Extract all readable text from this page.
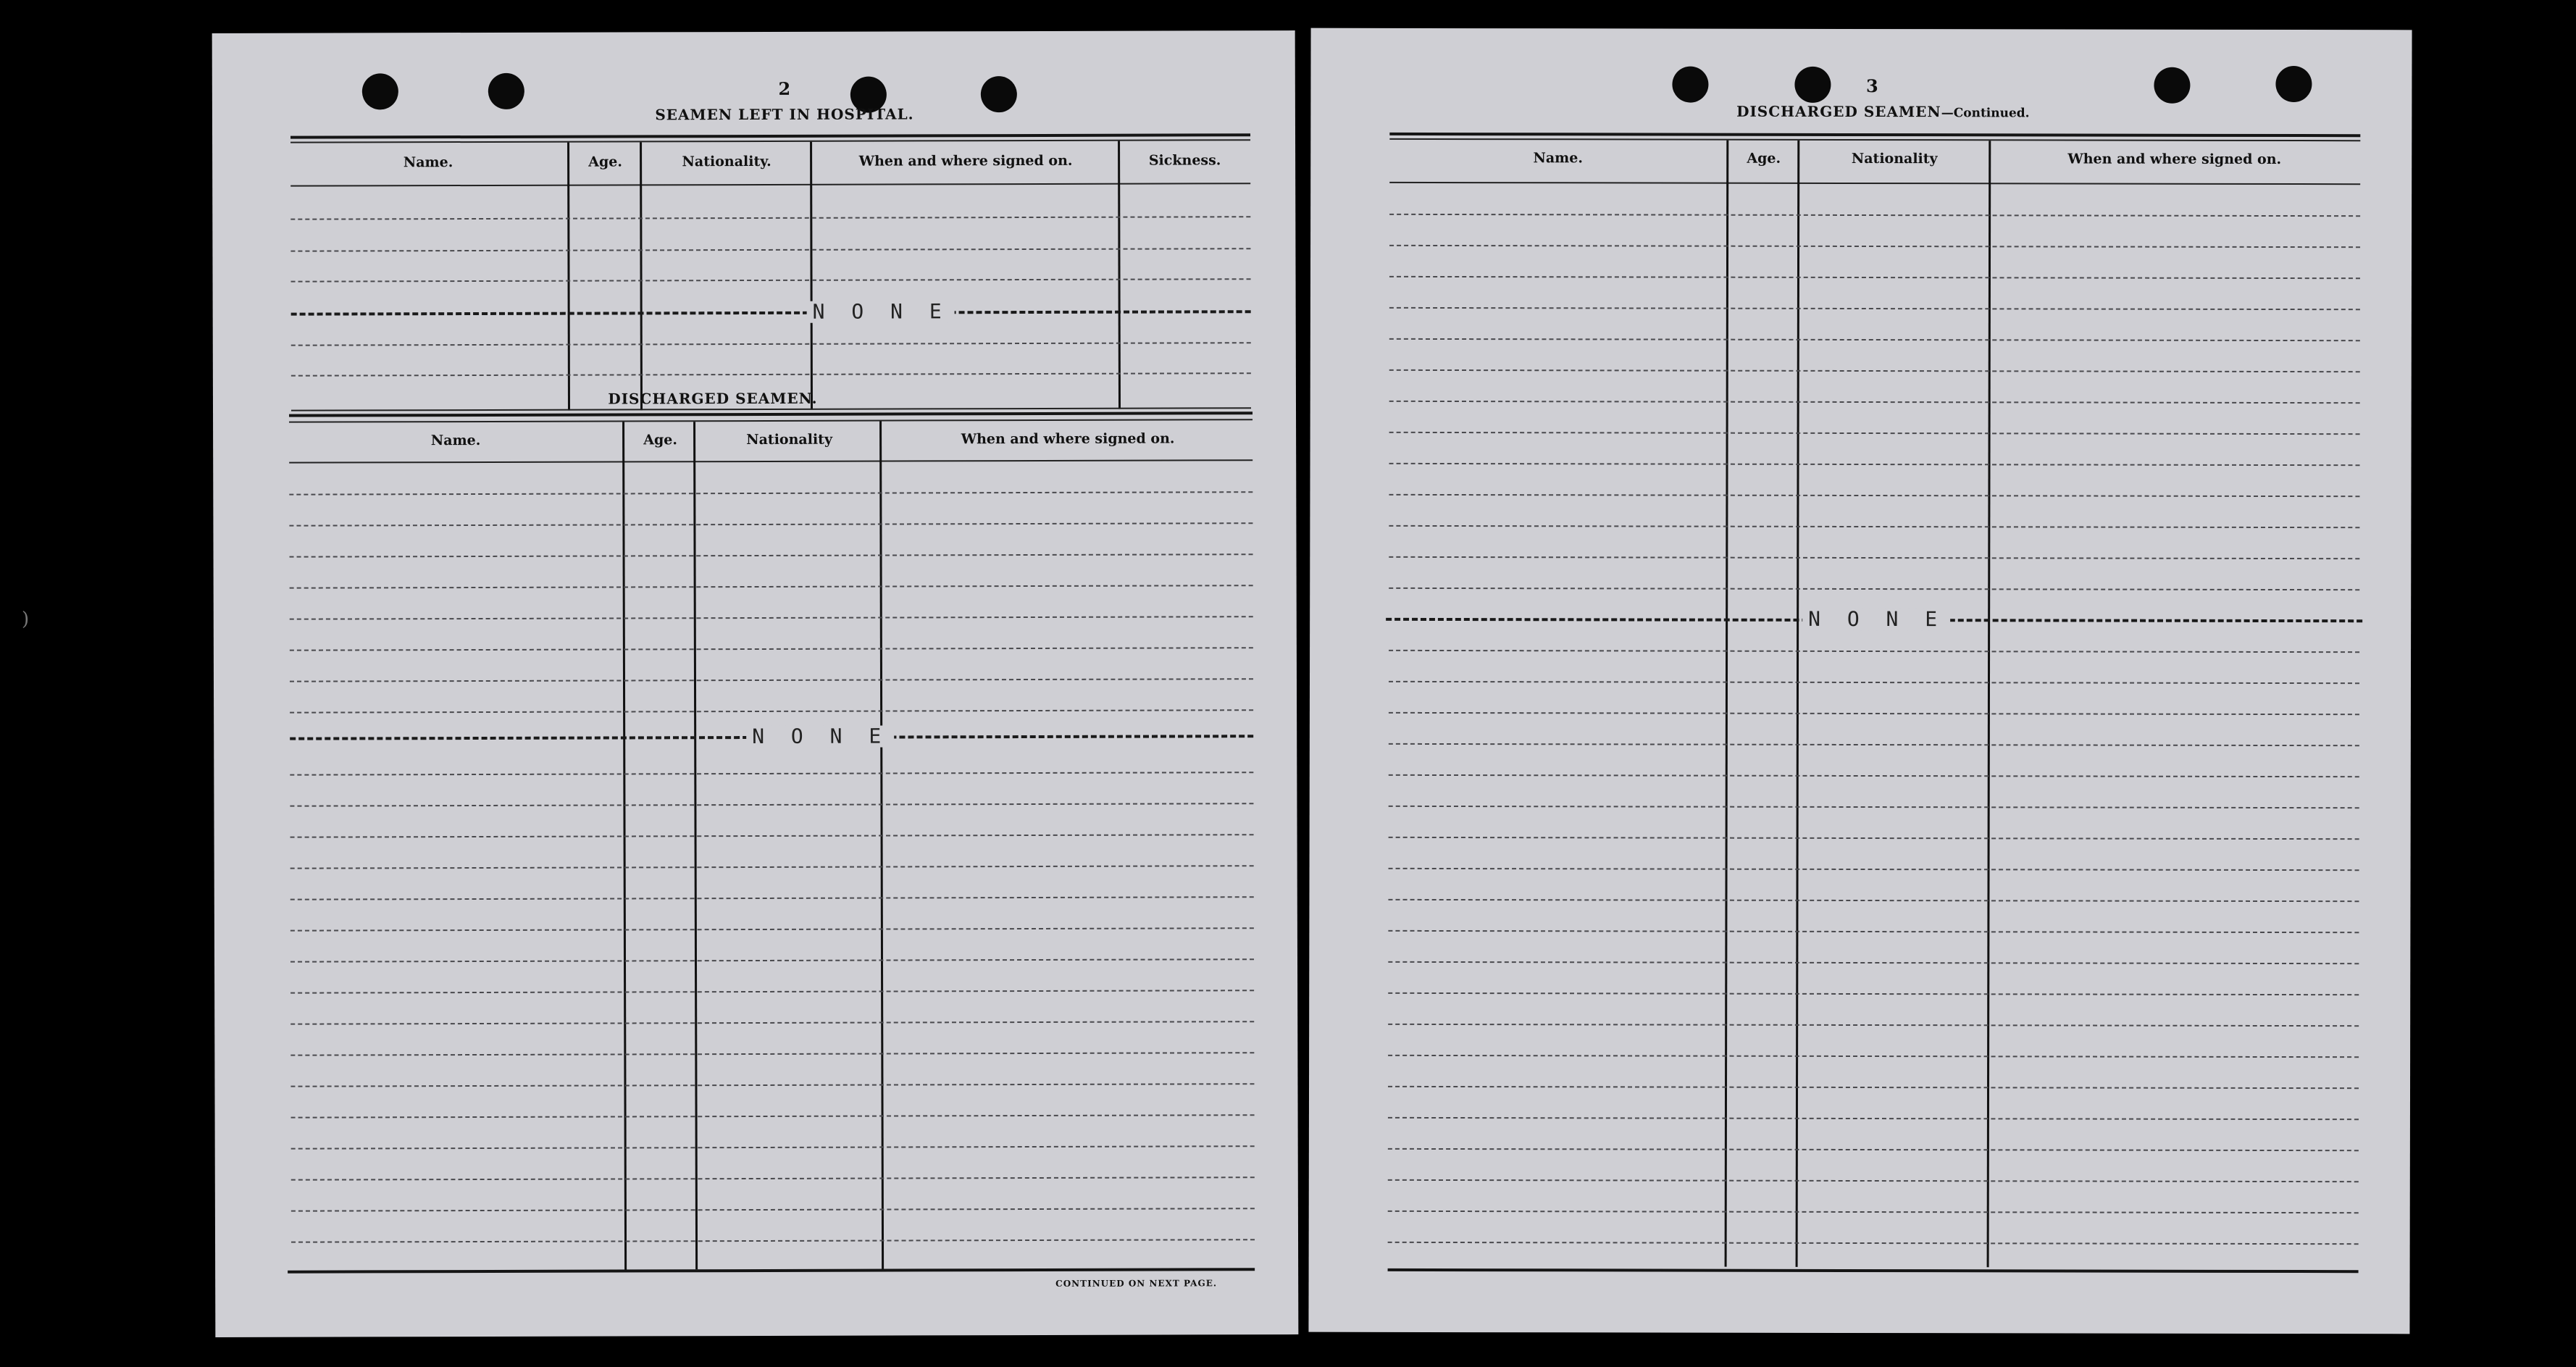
2
SEAMEN LEFT IN HOSPITAL.
Name.	Age.	Nationality.	When and where signed on.	Sickness.
N O N E
DISCHARGED SEAMEN.
Name.	Age.	Nationality	When and where signed on.
N O N E
CONTINUED ON NEXT PAGE.
3
DISCHARGED SEAMEN—Continued.
Name.	Age.	Nationality	When and where signed on.
N O N E
)
